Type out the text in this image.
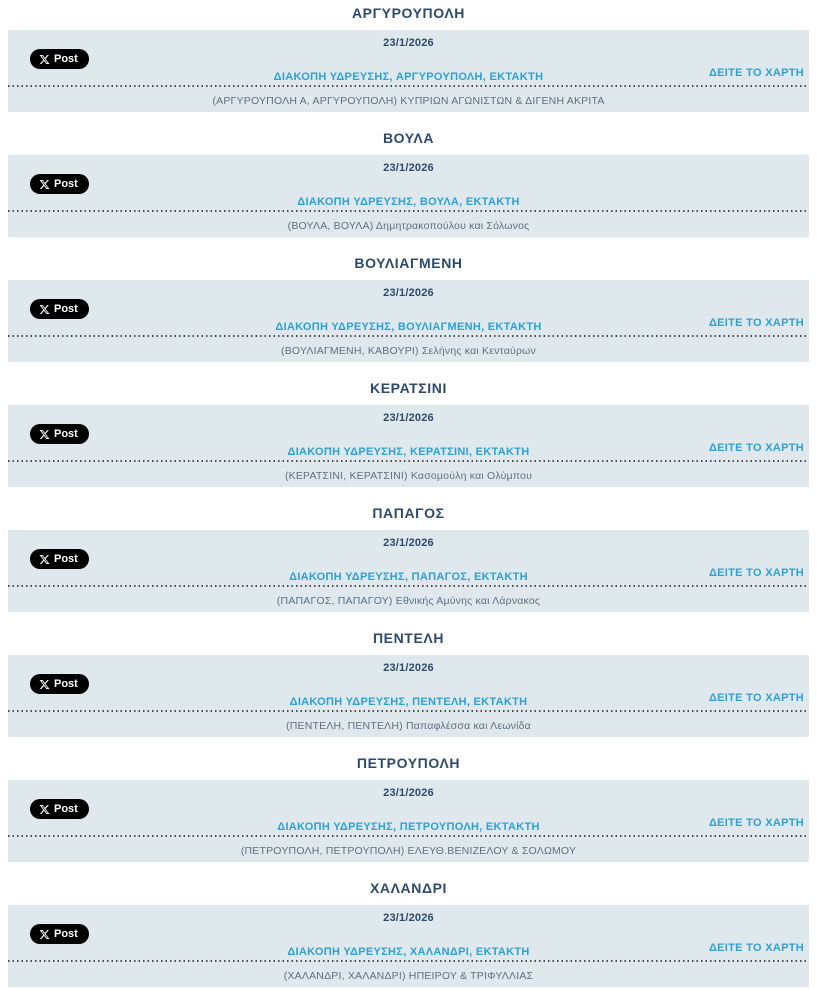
ΑΡΓΥΡΟΥΠΟΛΗ
23/1/2026
Post
ΔΙΑΚΟΠΗ ΥΔΡΕΥΣΗΣ, ΑΡΓΥΡΟΥΠΟΛΗ, ΕΚΤΑΚΤΗ	ΔΕΙΤΕ ΤΟ ΧΑΡΤΗ
(ΑΡΓΥΡΟΥΠΟΛΗ Α, ΑΡΓΥΡΟΥΠΟΛΗ) ΚΥΠΡΙΩΝ ΑΓΩΝΙΣΤΩΝ & ΔΙΓΕΝΗ ΑΚΡΙΤΑ
ΒΟΥΛΑ
23/1/2026
Post
ΔΙΑΚΟΠΗ ΥΔΡΕΥΣΗΣ, ΒΟΥΛΑ, ΕΚΤΑΚΤΗ
(ΒΟΥΛΑ, ΒΟΥΛΑ) Δημητρακοπούλου και Σόλωνος
ΒΟΥΛΙΑΓΜΕΝΗ
23/1/2026
Post
ΔΙΑΚΟΠΗ ΥΔΡΕΥΣΗΣ, ΒΟΥΛΙΑΓΜΕΝΗ, ΕΚΤΑΚΤΗ	ΔΕΙΤΕ ΤΟ ΧΑΡΤΗ
(ΒΟΥΛΙΑΓΜΕΝΗ, ΚΑΒΟΥΡΙ) Σελήνης και Κενταύρων
ΚΕΡΑΤΣΙΝΙ
23/1/2026
Post
ΔΙΑΚΟΠΗ ΥΔΡΕΥΣΗΣ, ΚΕΡΑΤΣΙΝΙ, ΕΚΤΑΚΤΗ	ΔΕΙΤΕ ΤΟ ΧΑΡΤΗ
(ΚΕΡΑΤΣΙΝΙ, ΚΕΡΑΤΣΙΝΙ) Κασομούλη και Ολύμπου
ΠΑΠΑΓΟΣ
23/1/2026
Post
ΔΙΑΚΟΠΗ ΥΔΡΕΥΣΗΣ, ΠΑΠΑΓΟΣ, ΕΚΤΑΚΤΗ	ΔΕΙΤΕ ΤΟ ΧΑΡΤΗ
(ΠΑΠΑΓΟΣ, ΠΑΠΑΓΟΥ) Εθνικής Αμύνης και Λάρνακος
ΠΕΝΤΕΛΗ
23/1/2026
Post
ΔΙΑΚΟΠΗ ΥΔΡΕΥΣΗΣ, ΠΕΝΤΕΛΗ, ΕΚΤΑΚΤΗ	ΔΕΙΤΕ ΤΟ ΧΑΡΤΗ
(ΠΕΝΤΕΛΗ, ΠΕΝΤΕΛΗ) Παπαφλέσσα και Λεωνίδα
ΠΕΤΡΟΥΠΟΛΗ
23/1/2026
Post
ΔΙΑΚΟΠΗ ΥΔΡΕΥΣΗΣ, ΠΕΤΡΟΥΠΟΛΗ, ΕΚΤΑΚΤΗ	ΔΕΙΤΕ ΤΟ ΧΑΡΤΗ
(ΠΕΤΡΟΥΠΟΛΗ, ΠΕΤΡΟΥΠΟΛΗ) ΕΛΕΥΘ.ΒΕΝΙΖΕΛΟΥ & ΣΟΛΩΜΟΥ
ΧΑΛΑΝΔΡΙ
23/1/2026
Post
ΔΙΑΚΟΠΗ ΥΔΡΕΥΣΗΣ, ΧΑΛΑΝΔΡΙ, ΕΚΤΑΚΤΗ	ΔΕΙΤΕ ΤΟ ΧΑΡΤΗ
(ΧΑΛΑΝΔΡΙ, ΧΑΛΑΝΔΡΙ) ΗΠΕΙΡΟΥ & ΤΡΙΦΥΛΛΙΑΣ
